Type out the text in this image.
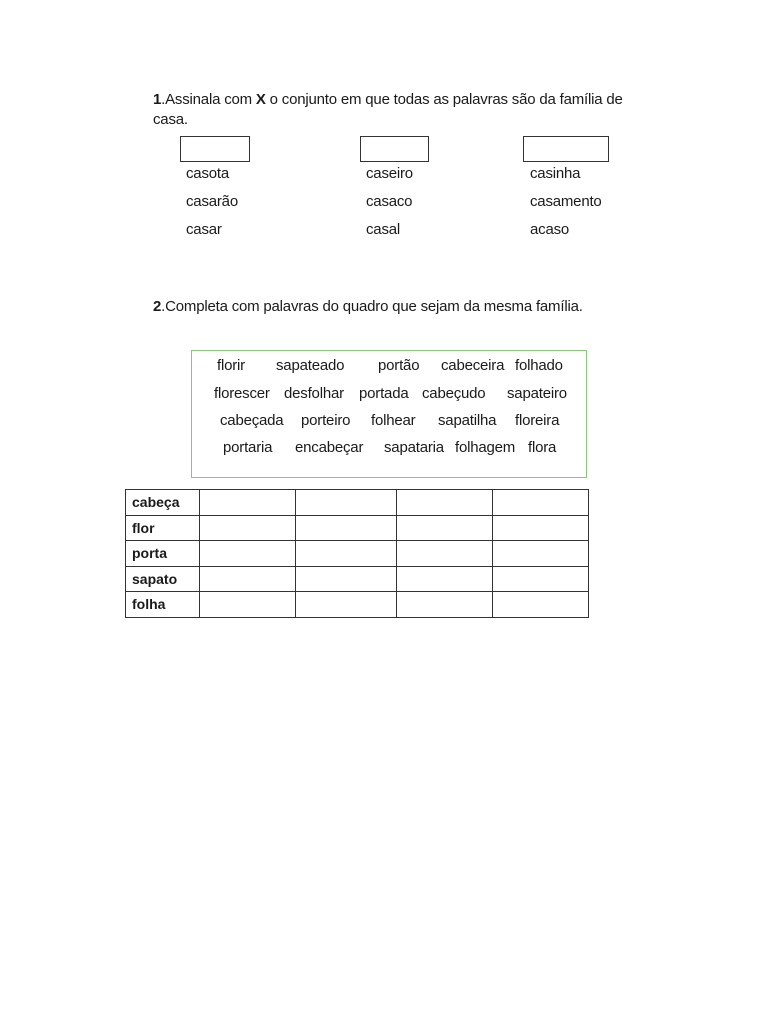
1.Assinala com X o conjunto em que todas as palavras são da família de casa.
casota
casarão
casar
caseiro
casaco
casal
casinha
casamento
acaso
2.Completa com palavras do quadro que sejam da mesma família.
florir sapateado portão cabeceira folhado
florescer desfolhar portada cabeçudo sapateiro
cabeçada porteiro folhear sapatilha floreira
portaria encabeçar sapataria folhagem flora
cabeça				
flor				
porta				
sapato				
folha				
